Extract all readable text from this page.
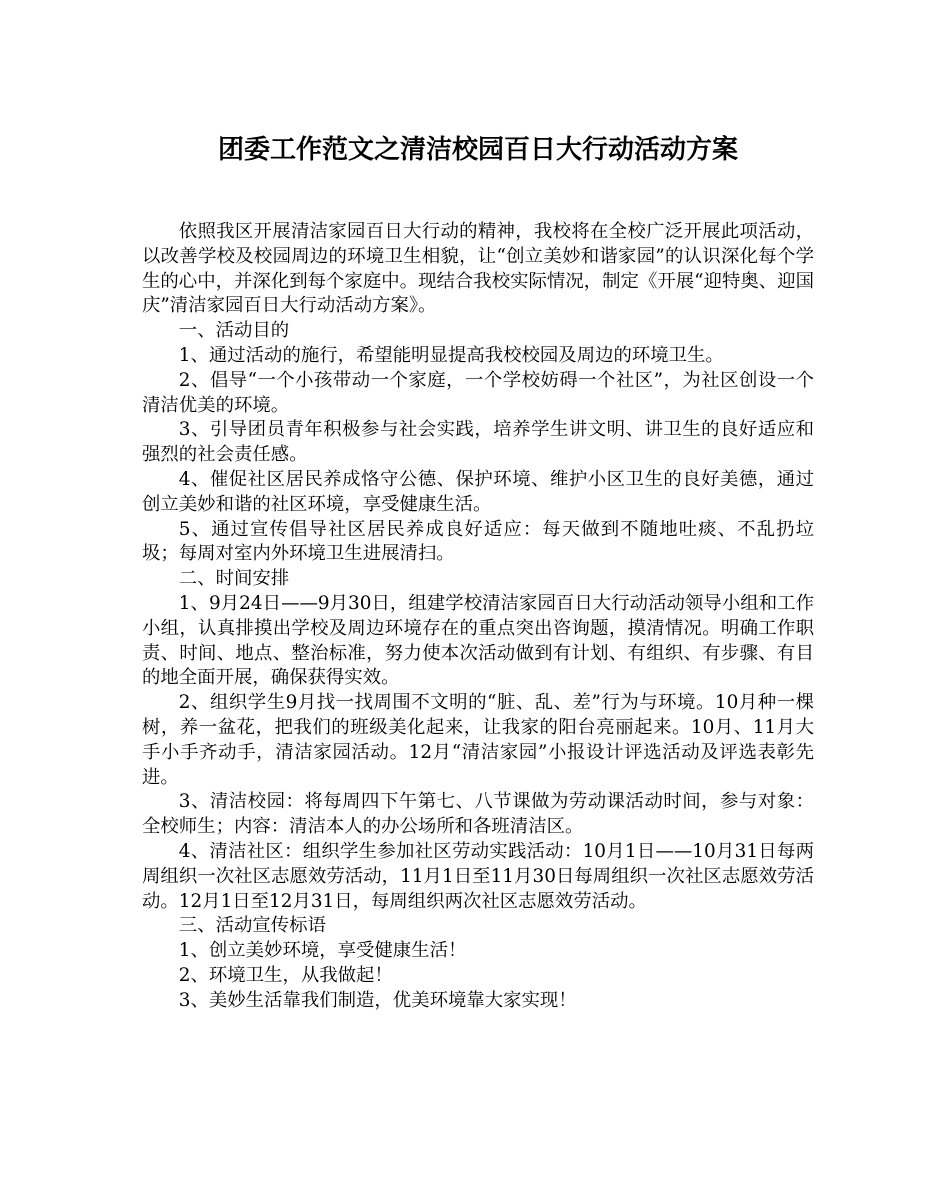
团委工作范文之清洁校园百日大行动活动方案

依照我区开展清洁家园百日大行动的精神，我校将在全校广泛开展此项活动，以改善学校及校园周边的环境卫生相貌，让“创立美妙和谐家园”的认识深化每个学生的心中，并深化到每个家庭中。现结合我校实际情况，制定《开展“迎特奥、迎国庆”清洁家园百日大行动活动方案》。

一、活动目的

1、通过活动的施行，希望能明显提高我校校园及周边的环境卫生。

2、倡导“一个小孩带动一个家庭，一个学校妨碍一个社区”，为社区创设一个清洁优美的环境。

3、引导团员青年积极参与社会实践，培养学生讲文明、讲卫生的良好适应和强烈的社会责任感。

4、催促社区居民养成恪守公德、保护环境、维护小区卫生的良好美德，通过创立美妙和谐的社区环境，享受健康生活。

5、通过宣传倡导社区居民养成良好适应：每天做到不随地吐痰、不乱扔垃圾；每周对室内外环境卫生进展清扫。

二、时间安排

1、9月24日——9月30日，组建学校清洁家园百日大行动活动领导小组和工作小组，认真排摸出学校及周边环境存在的重点突出咨询题，摸清情况。明确工作职责、时间、地点、整治标准，努力使本次活动做到有计划、有组织、有步骤、有目的地全面开展，确保获得实效。

2、组织学生9月找一找周围不文明的“脏、乱、差”行为与环境。10月种一棵树，养一盆花，把我们的班级美化起来，让我家的阳台亮丽起来。10月、11月大手小手齐动手，清洁家园活动。12月“清洁家园”小报设计评选活动及评选表彰先进。

3、清洁校园：将每周四下午第七、八节课做为劳动课活动时间，参与对象：全校师生；内容：清洁本人的办公场所和各班清洁区。

4、清洁社区：组织学生参加社区劳动实践活动：10月1日——10月31日每两周组织一次社区志愿效劳活动，11月1日至11月30日每周组织一次社区志愿效劳活动。12月1日至12月31日，每周组织两次社区志愿效劳活动。

三、活动宣传标语

1、创立美妙环境，享受健康生活！

2、环境卫生，从我做起！

3、美妙生活靠我们制造，优美环境靠大家实现！
